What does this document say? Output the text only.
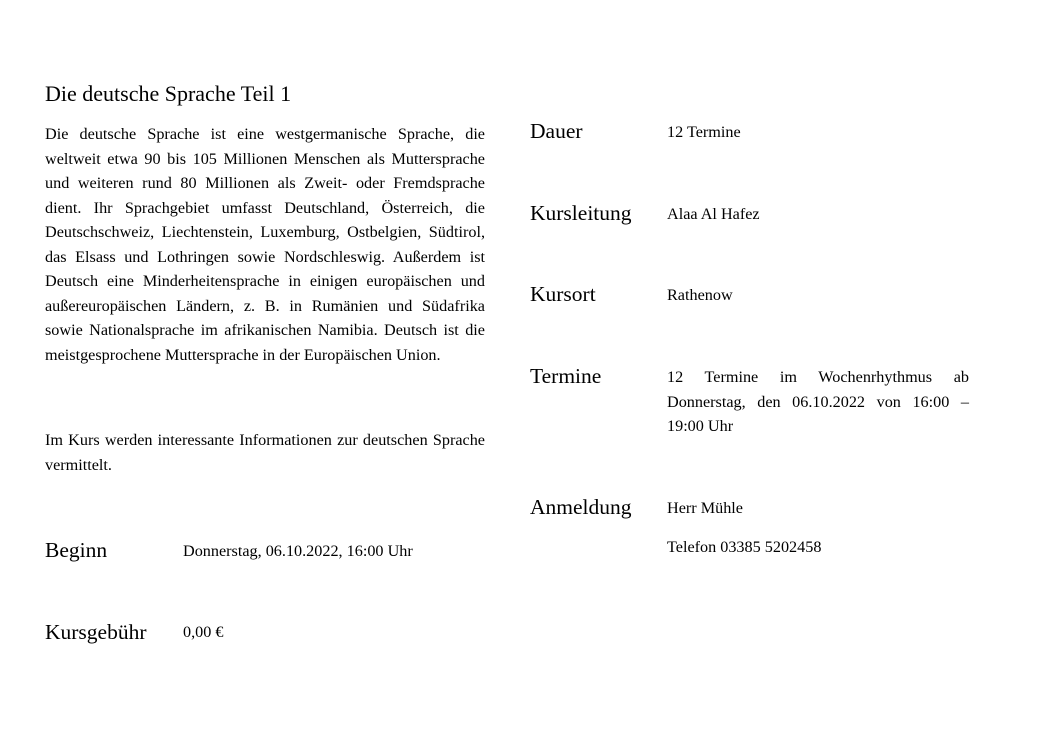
Die deutsche Sprache Teil 1

Die deutsche Sprache ist eine westgermanische Sprache, die weltweit etwa 90 bis 105 Millionen Menschen als Muttersprache und weiteren rund 80 Millionen als Zweit- oder Fremdsprache dient. Ihr Sprachgebiet umfasst Deutschland, Österreich, die Deutschschweiz, Liechtenstein, Luxemburg, Ostbelgien, Südtirol, das Elsass und Lothringen sowie Nordschleswig. Außerdem ist Deutsch eine Minderheitensprache in einigen europäischen und außereuropäischen Ländern, z. B. in Rumänien und Südafrika sowie Nationalsprache im afrikanischen Namibia. Deutsch ist die meistgesprochene Muttersprache in der Europäischen Union.

Im Kurs werden interessante Informationen zur deutschen Sprache vermittelt.

Beginn	Donnerstag, 06.10.2022, 16:00 Uhr
Kursgebühr 0,00 €
Dauer	12 Termine
Kursleitung Alaa Al Hafez
Kursort	Rathenow
Termine	12 Termine im Wochenrhythmus ab Donnerstag, den 06.10.2022 von 16:00 – 19:00 Uhr
Anmeldung Herr Mühle
Telefon 03385 5202458
